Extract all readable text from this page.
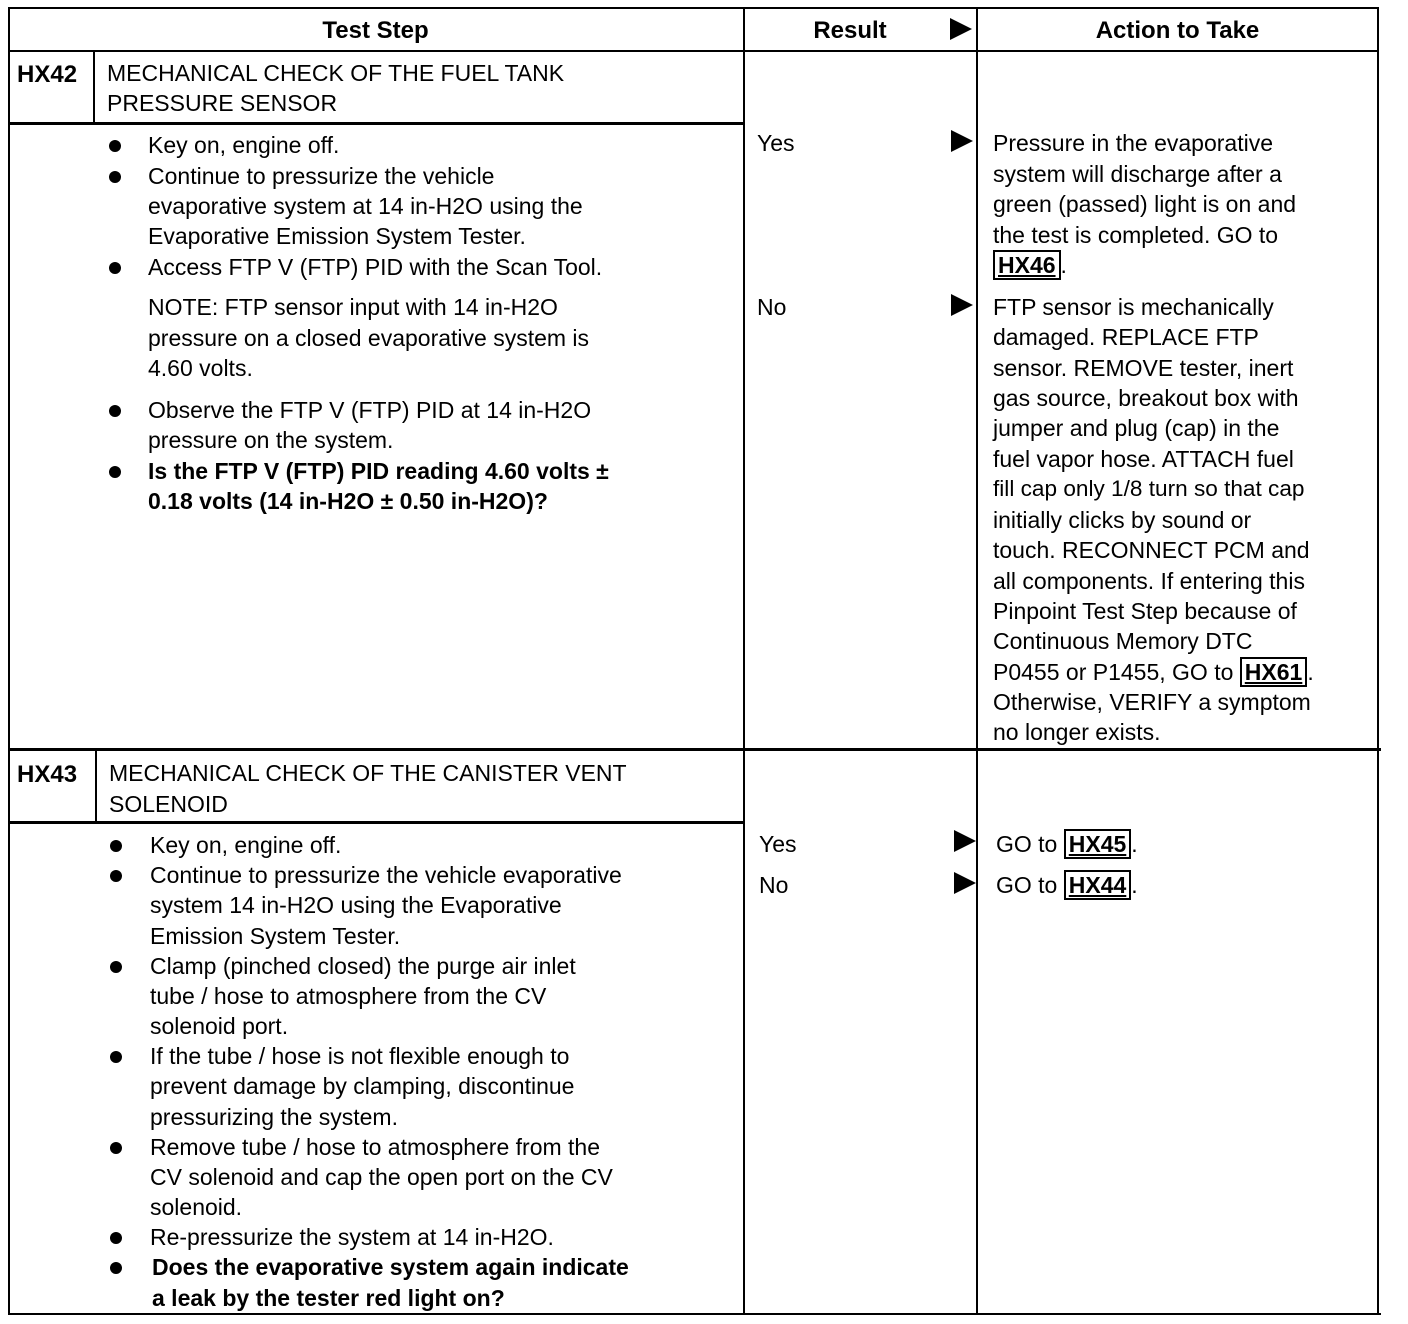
Test Step	Result	Action to Take
HX42 MECHANICAL CHECK OF THE FUEL TANK
PRESSURE SENSOR
Key on, engine off.
Continue to pressurize the vehicle
evaporative system at 14 in-H2O using the
Evaporative Emission System Tester.
Access FTP V (FTP) PID with the Scan Tool.
NOTE: FTP sensor input with 14 in-H2O
pressure on a closed evaporative system is
4.60 volts.
Observe the FTP V (FTP) PID at 14 in-H2O
pressure on the system.
Is the FTP V (FTP) PID reading 4.60 volts ±
0.18 volts (14 in-H2O ± 0.50 in-H2O)?
Yes
No
Pressure in the evaporative
system will discharge after a
green (passed) light is on and
the test is completed. GO to
HX46 .
FTP sensor is mechanically
damaged. REPLACE FTP
sensor. REMOVE tester, inert
gas source, breakout box with
jumper and plug (cap) in the
fuel vapor hose. ATTACH fuel
fill cap only 1/8 turn so that cap
initially clicks by sound or
touch. RECONNECT PCM and
all components. If entering this
Pinpoint Test Step because of
Continuous Memory DTC
P0455 or P1455, GO to HX61 .
Otherwise, VERIFY a symptom
no longer exists.
HX43 MECHANICAL CHECK OF THE CANISTER VENT
SOLENOID
Key on, engine off.
Continue to pressurize the vehicle evaporative
system 14 in-H2O using the Evaporative
Emission System Tester.
Clamp (pinched closed) the purge air inlet
tube / hose to atmosphere from the CV
solenoid port.
If the tube / hose is not flexible enough to
prevent damage by clamping, discontinue
pressurizing the system.
Remove tube / hose to atmosphere from the
CV solenoid and cap the open port on the CV
solenoid.
Re-pressurize the system at 14 in-H2O.
Does the evaporative system again indicate
a leak by the tester red light on?
Yes
No
GO to HX45 .
GO to HX44 .
